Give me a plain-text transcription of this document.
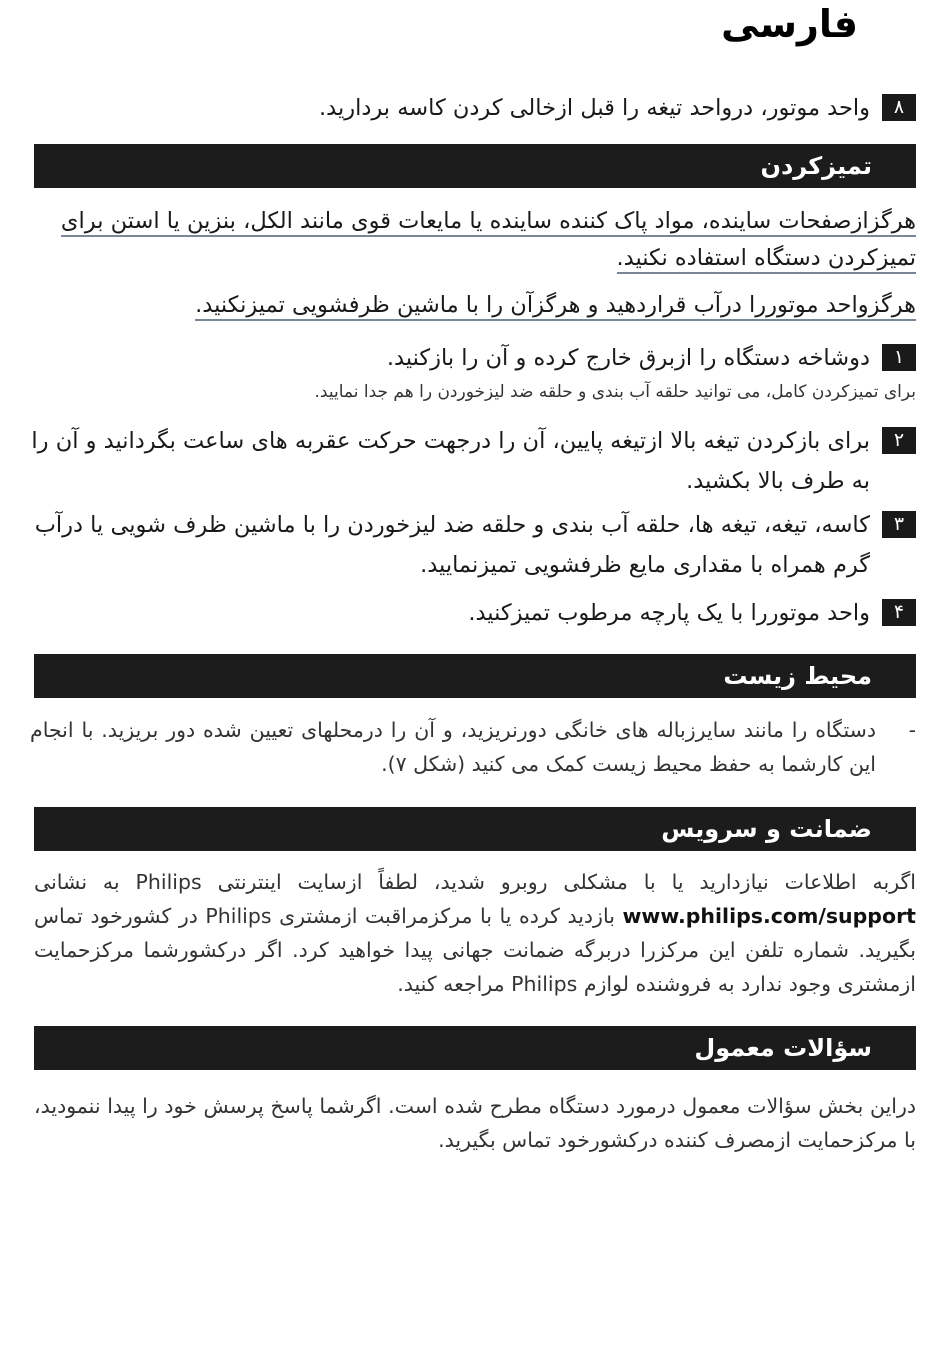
فارسی
۸
واحد موتور، درواحد تیغه را قبل ازخالی کردن کاسه بردارید.
تمیزکردن
هرگزازصفحات ساینده، مواد پاک کننده ساینده یا مایعات قوی مانند الکل، بنزین یا استن برای تمیزکردن دستگاه استفاده نکنید.
هرگزواحد موتوررا درآب قراردهید و هرگزآن را با ماشین ظرفشویی تمیزنکنید.
۱
دوشاخه دستگاه را ازبرق خارج کرده و آن را بازکنید.
برای تمیزکردن کامل، می توانید حلقه آب بندی و حلقه ضد لیزخوردن را هم جدا نمایید.
۲
برای بازکردن تیغه بالا ازتیغه پایین، آن را درجهت حرکت عقربه های ساعت بگردانید و آن را به طرف بالا بکشید.
۳
کاسه، تیغه، تیغه ها، حلقه آب بندی و حلقه ضد لیزخوردن را با ماشین ظرف شویی یا درآب گرم همراه با مقداری مایع ظرفشویی تمیزنمایید.
۴
واحد موتوررا با یک پارچه مرطوب تمیزکنید.
محیط زیست
-
دستگاه را مانند سایرزباله های خانگی دورنریزید، و آن را درمحلهای تعیین شده دور بریزید. با انجام این کارشما به حفظ محیط زیست کمک می کنید (شکل ۷).
ضمانت و سرویس
اگربه اطلاعات نیازدارید یا با مشکلی روبرو شدید، لطفاً ازسایت اینترنتی Philips به نشانی www.philips.com/support بازدید کرده یا با مرکزمراقبت ازمشتری Philips در کشورخود تماس بگیرید. شماره تلفن این مرکزرا دربرگه ضمانت جهانی پیدا خواهید کرد. اگر درکشورشما مرکزحمایت ازمشتری وجود ندارد به فروشنده لوازم Philips مراجعه کنید.
سؤالات معمول
دراین بخش سؤالات معمول درمورد دستگاه مطرح شده است. اگرشما پاسخ پرسش خود را پیدا ننمودید، با مرکزحمایت ازمصرف کننده درکشورخود تماس بگیرید.
